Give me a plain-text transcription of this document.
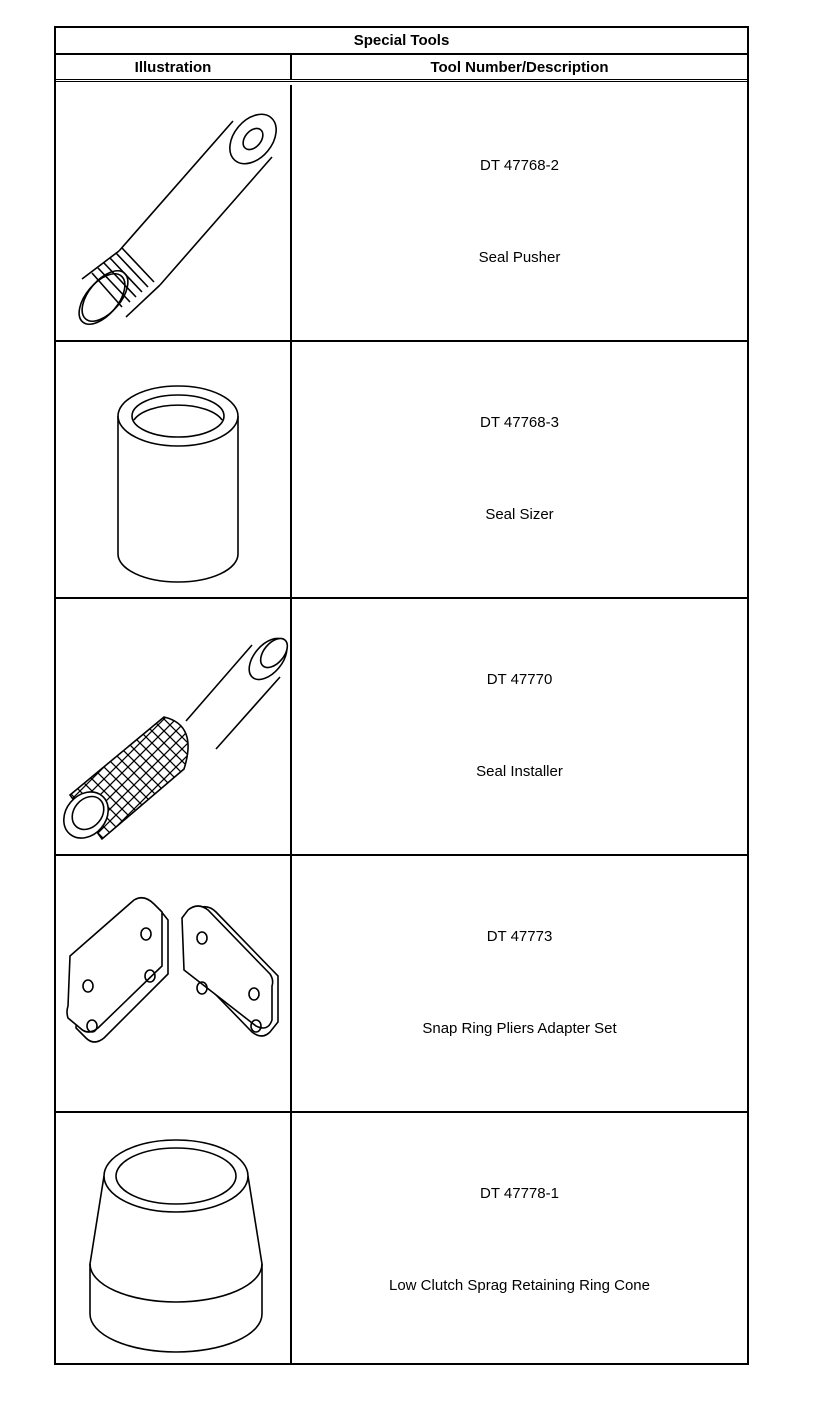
Special Tools
Illustration	Tool Number/Description
DT 47768-2
Seal Pusher
DT 47768-3
Seal Sizer
DT 47770
Seal Installer
DT 47773
Snap Ring Pliers Adapter Set
DT 47778-1
Low Clutch Sprag Retaining Ring Cone
